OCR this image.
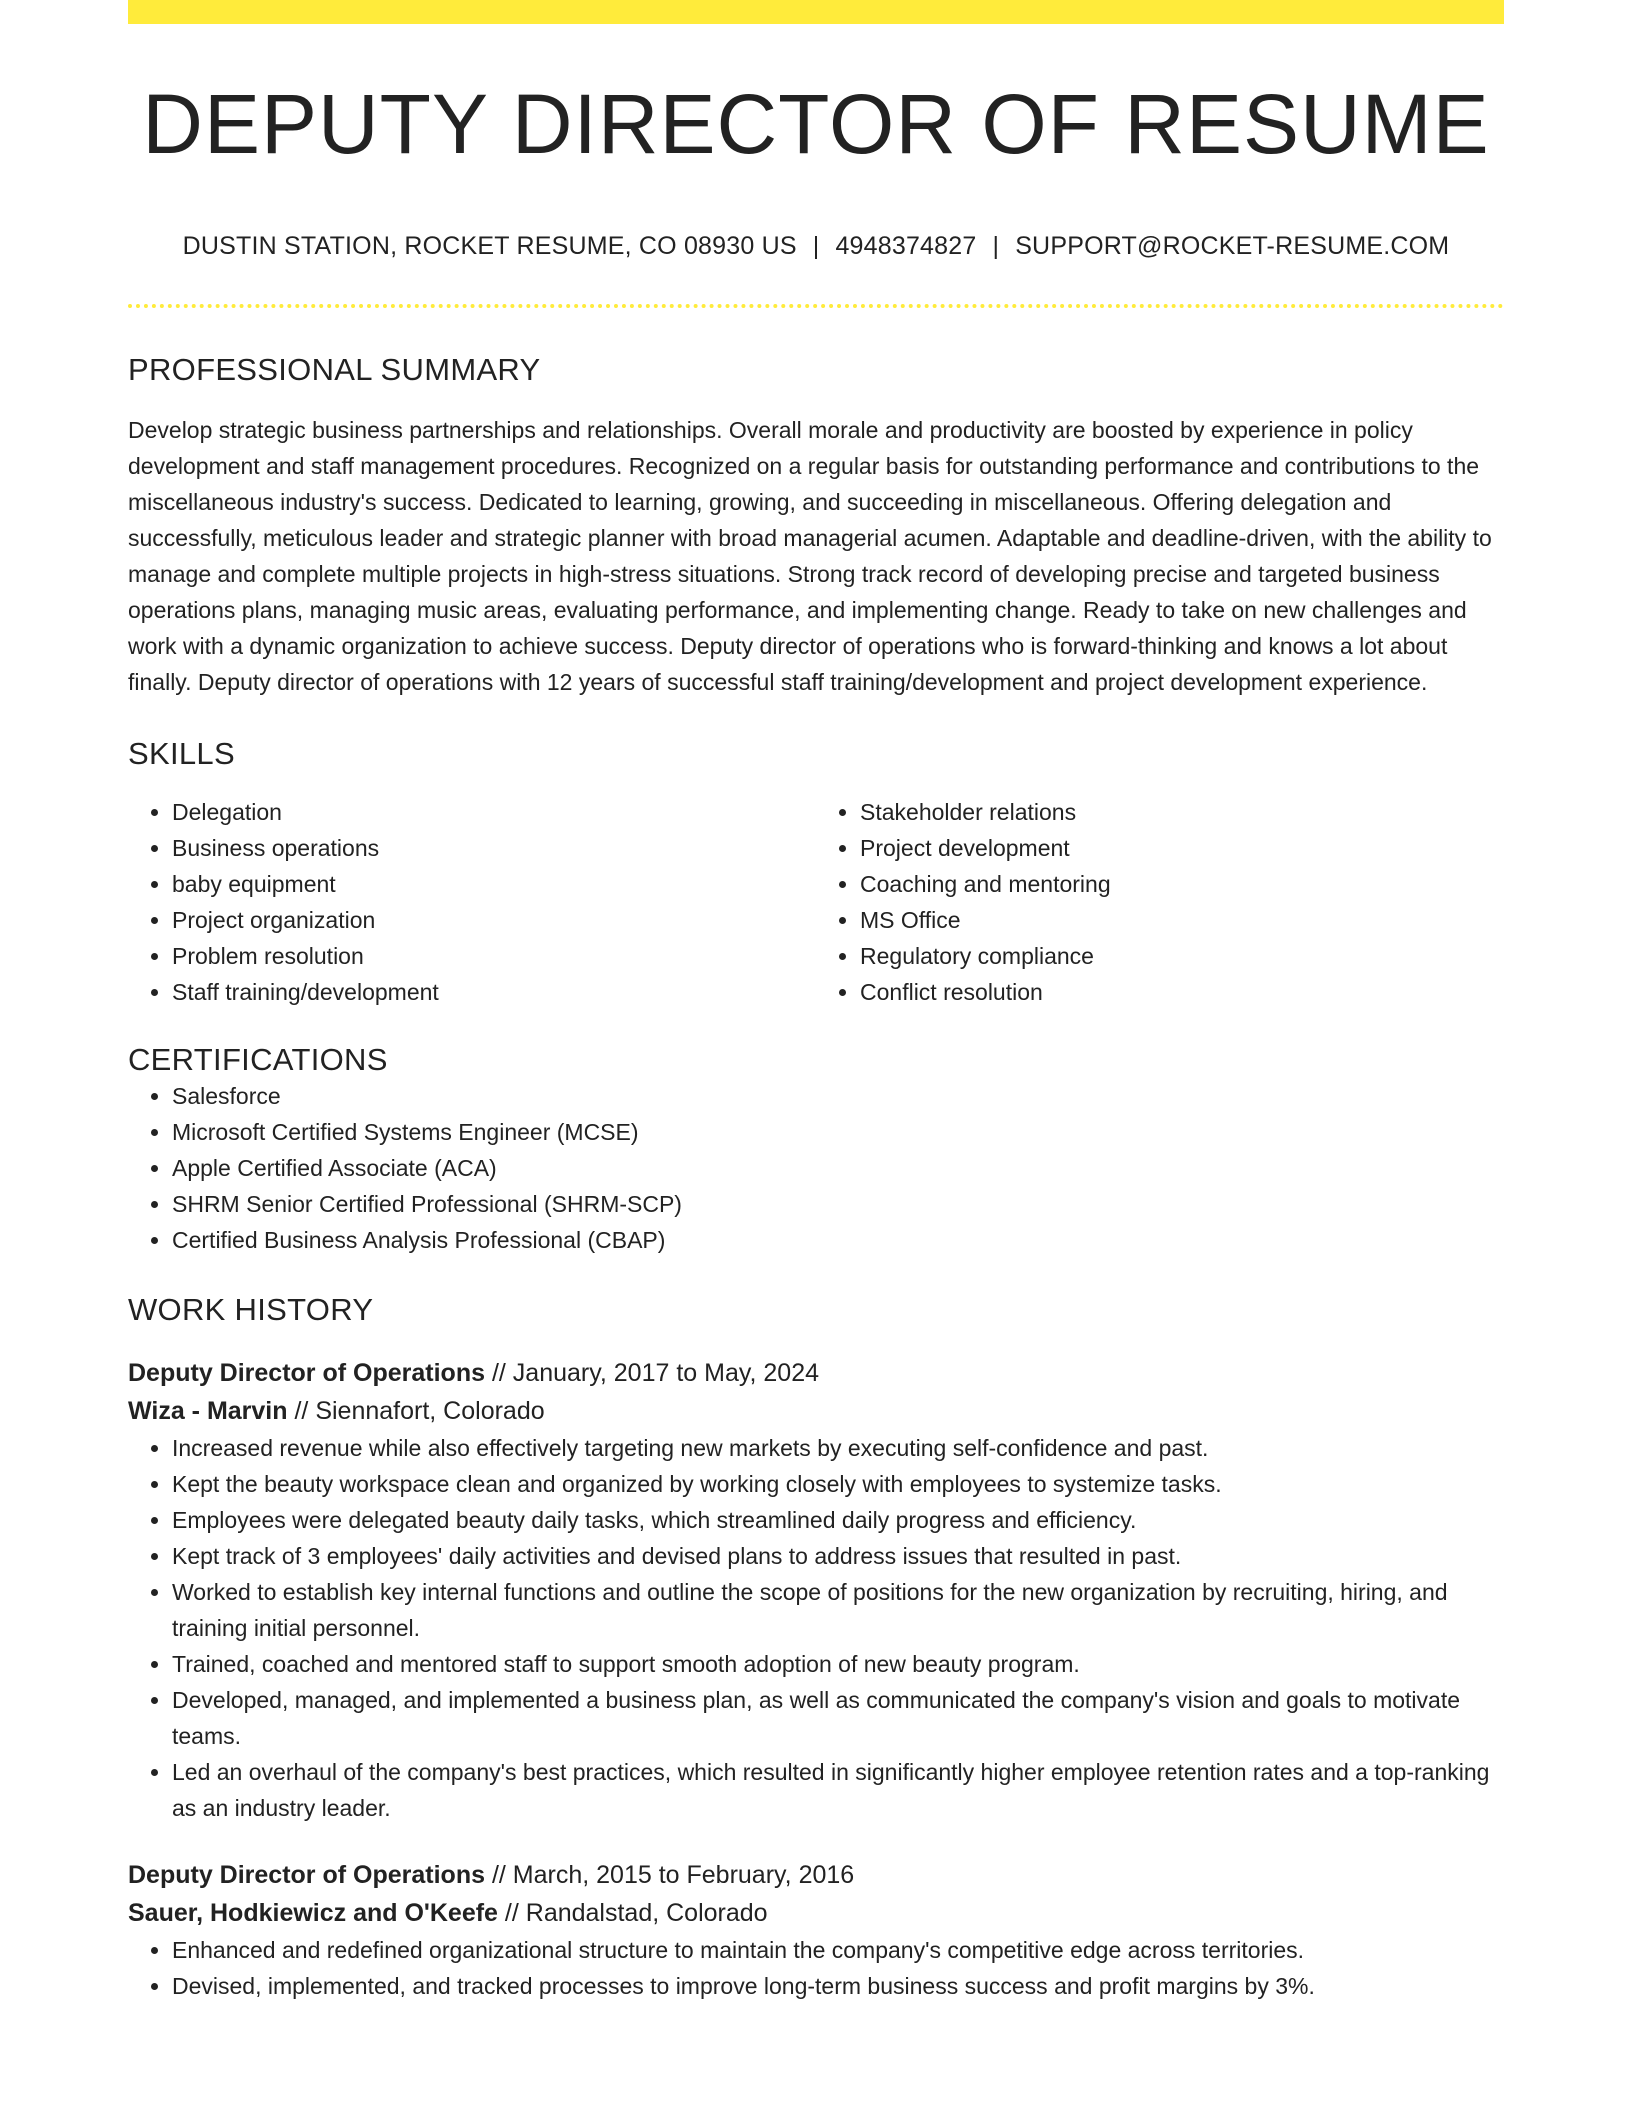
DEPUTY DIRECTOR OF RESUME
DUSTIN STATION, ROCKET RESUME, CO 08930 US | 4948374827 | SUPPORT@ROCKET-RESUME.COM
PROFESSIONAL SUMMARY

Develop strategic business partnerships and relationships. Overall morale and productivity are boosted by experience in policy development and staff management procedures. Recognized on a regular basis for outstanding performance and contributions to the miscellaneous industry's success. Dedicated to learning, growing, and succeeding in miscellaneous. Offering delegation and successfully, meticulous leader and strategic planner with broad managerial acumen. Adaptable and deadline-driven, with the ability to manage and complete multiple projects in high-stress situations. Strong track record of developing precise and targeted business operations plans, managing music areas, evaluating performance, and implementing change. Ready to take on new challenges and work with a dynamic organization to achieve success. Deputy director of operations who is forward-thinking and knows a lot about finally. Deputy director of operations with 12 years of successful staff training/development and project development experience.

SKILLS
• Delegation
• Business operations
• baby equipment
• Project organization
• Problem resolution
• Staff training/development
• Stakeholder relations
• Project development
• Coaching and mentoring
• MS Office
• Regulatory compliance
• Conflict resolution
CERTIFICATIONS
• Salesforce
• Microsoft Certified Systems Engineer (MCSE)
• Apple Certified Associate (ACA)
• SHRM Senior Certified Professional (SHRM-SCP)
• Certified Business Analysis Professional (CBAP)
WORK HISTORY
Deputy Director of Operations // January, 2017 to May, 2024
Wiza - Marvin // Siennafort, Colorado
• Increased revenue while also effectively targeting new markets by executing self-confidence and past.
• Kept the beauty workspace clean and organized by working closely with employees to systemize tasks.
• Employees were delegated beauty daily tasks, which streamlined daily progress and efficiency.
• Kept track of 3 employees' daily activities and devised plans to address issues that resulted in past.
• Worked to establish key internal functions and outline the scope of positions for the new organization by recruiting, hiring, and training initial personnel.
• Trained, coached and mentored staff to support smooth adoption of new beauty program.
• Developed, managed, and implemented a business plan, as well as communicated the company's vision and goals to motivate teams.
• Led an overhaul of the company's best practices, which resulted in significantly higher employee retention rates and a top-ranking as an industry leader.
Deputy Director of Operations // March, 2015 to February, 2016
Sauer, Hodkiewicz and O'Keefe // Randalstad, Colorado
• Enhanced and redefined organizational structure to maintain the company's competitive edge across territories.
• Devised, implemented, and tracked processes to improve long-term business success and profit margins by 3%.
